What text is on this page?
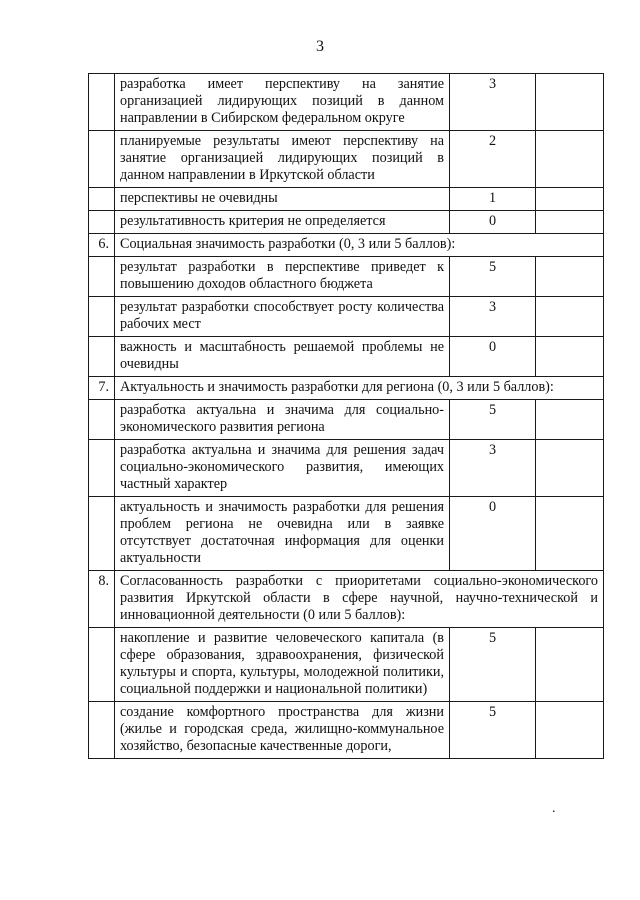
3
	разработка имеет перспективу на занятие организацией лидирующих позиций в данном направлении в Сибирском федеральном округе	3	
	планируемые результаты имеют перспективу на занятие организацией лидирующих позиций в данном направлении в Иркутской области	2	
	перспективы не очевидны	1	
	результативность критерия не определяется	0	
6.	Социальная значимость разработки (0, 3 или 5 баллов):		
	результат разработки в перспективе приведет к повышению доходов областного бюджета	5	
	результат разработки способствует росту количества рабочих мест	3	
	важность и масштабность решаемой проблемы не очевидны	0	
7.	Актуальность и значимость разработки для региона (0, 3 или 5 баллов):		
	разработка актуальна и значима для социально-экономического развития региона	5	
	разработка актуальна и значима для решения задач социально-экономического развития, имеющих частный характер	3	
	актуальность и значимость разработки для решения проблем региона не очевидна или в заявке отсутствует достаточная информация для оценки актуальности	0	
8.	Согласованность разработки с приоритетами социально-экономического развития Иркутской области в сфере научной, научно-технической и инновационной деятельности (0 или 5 баллов):		
	накопление и развитие человеческого капитала (в сфере образования, здравоохранения, физической культуры и спорта, культуры, молодежной политики, социальной поддержки и национальной политики)	5	
	создание комфортного пространства для жизни (жилье и городская среда, жилищно-коммунальное хозяйство, безопасные качественные дороги,	5	
.
